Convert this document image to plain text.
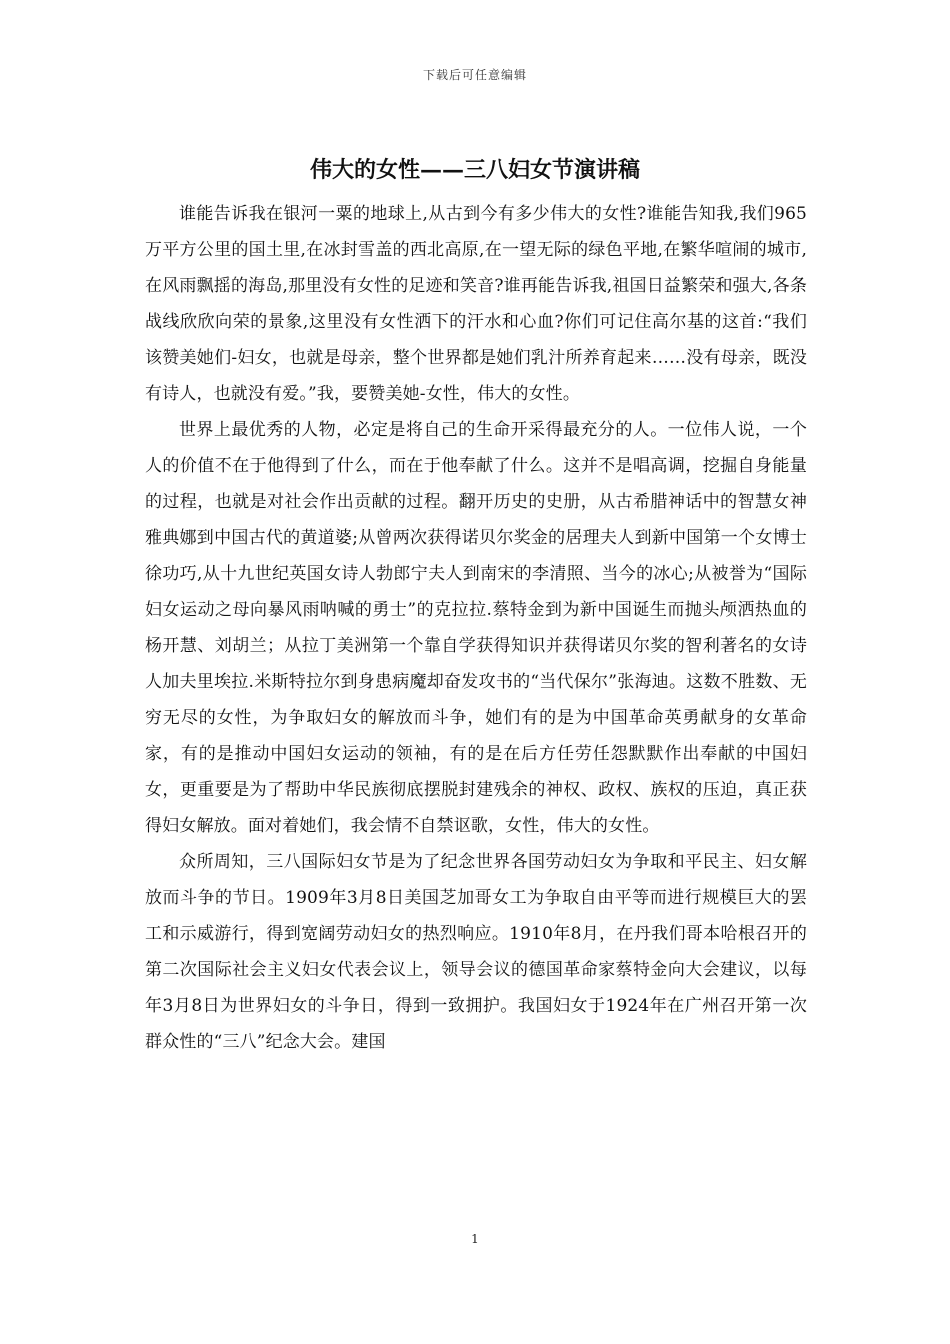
下载后可任意编辑
伟大的女性——三八妇女节演讲稿

谁能告诉我在银河一粟的地球上,从古到今有多少伟大的女性?谁能告知我,我们965万平方公里的国土里,在冰封雪盖的西北高原,在一望无际的绿色平地,在繁华喧闹的城市,在风雨飘摇的海岛,那里没有女性的足迹和笑音?谁再能告诉我,祖国日益繁荣和强大,各条战线欣欣向荣的景象,这里没有女性洒下的汗水和心血?你们可记住高尔基的这首:“我们该赞美她们-妇女，也就是母亲，整个世界都是她们乳汁所养育起来……没有母亲，既没有诗人，也就没有爱。”我，要赞美她-女性，伟大的女性。

世界上最优秀的人物，必定是将自己的生命开采得最充分的人。一位伟人说，一个人的价值不在于他得到了什么，而在于他奉献了什么。这并不是唱高调，挖掘自身能量的过程，也就是对社会作出贡献的过程。翻开历史的史册，从古希腊神话中的智慧女神雅典娜到中国古代的黄道婆;从曾两次获得诺贝尔奖金的居理夫人到新中国第一个女博士徐功巧,从十九世纪英国女诗人勃郎宁夫人到南宋的李清照、当今的冰心;从被誉为“国际妇女运动之母向暴风雨呐喊的勇士”的克拉拉.蔡特金到为新中国诞生而抛头颅洒热血的杨开慧、刘胡兰；从拉丁美洲第一个靠自学获得知识并获得诺贝尔奖的智利著名的女诗人加夫里埃拉.米斯特拉尔到身患病魔却奋发攻书的“当代保尔”张海迪。这数不胜数、无穷无尽的女性，为争取妇女的解放而斗争，她们有的是为中国革命英勇献身的女革命家，有的是推动中国妇女运动的领袖，有的是在后方任劳任怨默默作出奉献的中国妇女，更重要是为了帮助中华民族彻底摆脱封建残余的神权、政权、族权的压迫，真正获得妇女解放。面对着她们，我会情不自禁讴歌，女性，伟大的女性。

众所周知，三八国际妇女节是为了纪念世界各国劳动妇女为争取和平民主、妇女解放而斗争的节日。1909年3月8日美国芝加哥女工为争取自由平等而进行规模巨大的罢工和示威游行，得到宽阔劳动妇女的热烈响应。1910年8月，在丹我们哥本哈根召开的第二次国际社会主义妇女代表会议上，领导会议的德国革命家蔡特金向大会建议，以每年3月8日为世界妇女的斗争日，得到一致拥护。我国妇女于1924年在广州召开第一次群众性的“三八”纪念大会。建国

1
